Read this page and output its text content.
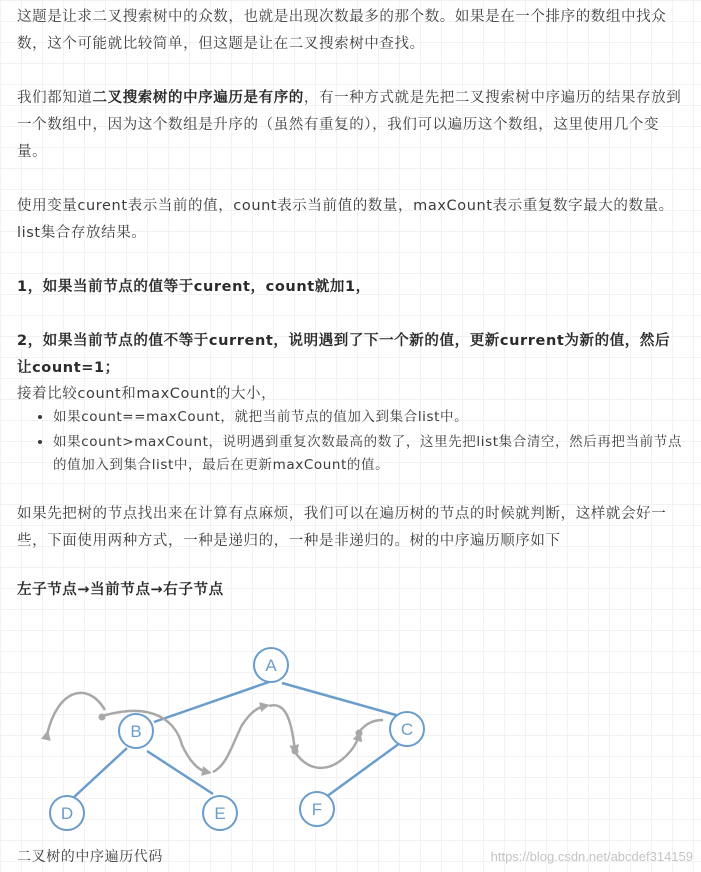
这题是让求二叉搜索树中的众数，也就是出现次数最多的那个数。如果是在一个排序的数组中找众数，这个可能就比较简单，但这题是让在二叉搜索树中查找。

我们都知道二叉搜索树的中序遍历是有序的，有一种方式就是先把二叉搜索树中序遍历的结果存放到一个数组中，因为这个数组是升序的（虽然有重复的），我们可以遍历这个数组，这里使用几个变量。

使用变量curent表示当前的值，count表示当前值的数量，maxCount表示重复数字最大的数量。list集合存放结果。

1，如果当前节点的值等于curent，count就加1，

2，如果当前节点的值不等于current，说明遇到了下一个新的值，更新current为新的值，然后让count=1；

接着比较count和maxCount的大小，

• 如果count==maxCount，就把当前节点的值加入到集合list中。
• 如果count>maxCount，说明遇到重复次数最高的数了，这里先把list集合清空，然后再把当前节点的值加入到集合list中，最后在更新maxCount的值。

如果先把树的节点找出来在计算有点麻烦，我们可以在遍历树的节点的时候就判断，这样就会好一些，下面使用两种方式，一种是递归的，一种是非递归的。树的中序遍历顺序如下

左子节点→当前节点→右子节点

A
B	C
D	E	F
二叉树的中序遍历代码	https://blog.csdn.net/abcdef314159
